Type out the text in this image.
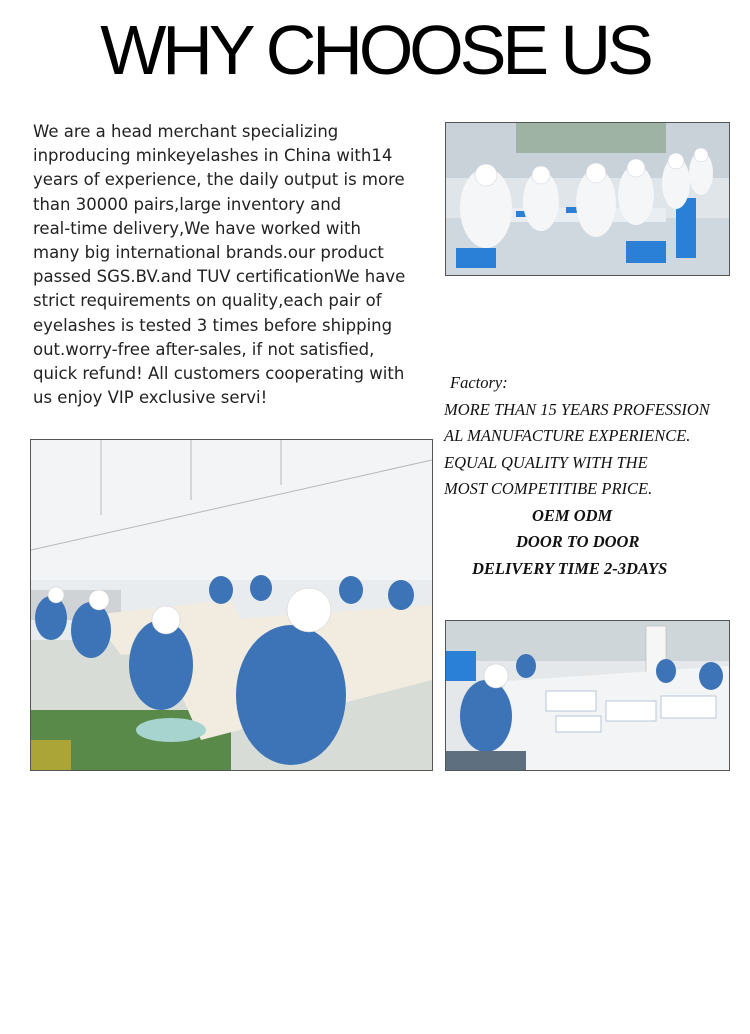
WHY CHOOSE US
We are a head merchant specializing
inproducing minkeyelashes in China with14
years of experience, the daily output is more
than 30000 pairs,large inventory and
real-time delivery,We have worked with
many big international brands.our product
passed SGS.BV.and TUV certificationWe have
strict requirements on quality,each pair of
eyelashes is tested 3 times before shipping
out.worry-free after-sales, if not satisfied,
quick refund! All customers cooperating with
us enjoy VIP exclusive servi!
Factory:
MORE THAN 15 YEARS PROFESSION
AL MANUFACTURE EXPERIENCE.
EQUAL QUALITY WITH THE
MOST COMPETITIBE PRICE.
OEM ODM
DOOR TO DOOR
DELIVERY TIME 2-3DAYS
